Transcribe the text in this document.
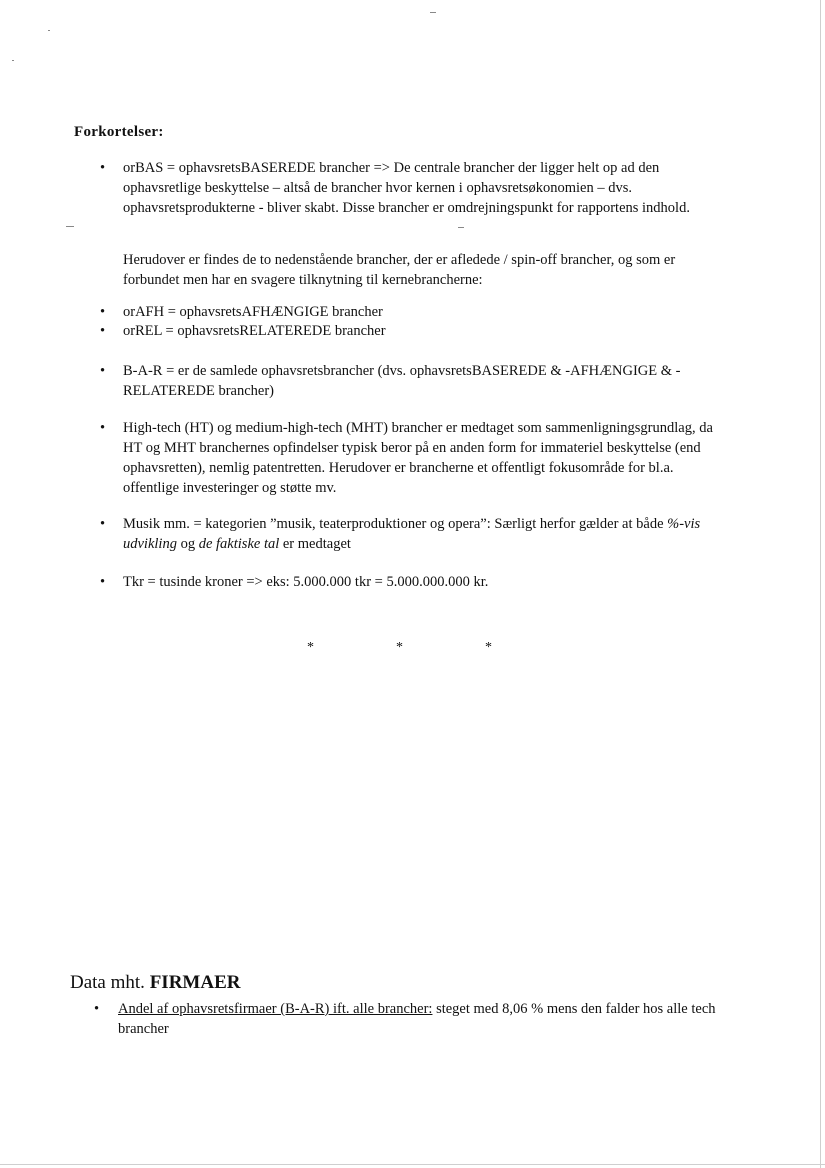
Forkortelser:
• orBAS = ophavsretsBASEREDE brancher => De centrale brancher der ligger helt op ad den ophavsretlige beskyttelse – altså de brancher hvor kernen i ophavsretsøkonomien – dvs. ophavsretsprodukterne - bliver skabt. Disse brancher er omdrejningspunkt for rapportens indhold.
Herudover er findes de to nedenstående brancher, der er afledede / spin-off brancher, og som er forbundet men har en svagere tilknytning til kernebrancherne:
• orAFH = ophavsretsAFHÆNGIGE brancher
• orREL = ophavsretsRELATEREDE brancher
• B-A-R = er de samlede ophavsretsbrancher (dvs. ophavsretsBASEREDE & -AFHÆNGIGE & -RELATEREDE brancher)
• High-tech (HT) og medium-high-tech (MHT) brancher er medtaget som sammenligningsgrundlag, da HT og MHT branchernes opfindelser typisk beror på en anden form for immateriel beskyttelse (end ophavsretten), nemlig patentretten. Herudover er brancherne et offentligt fokusområde for bl.a. offentlige investeringer og støtte mv.
• Musik mm. = kategorien ”musik, teaterproduktioner og opera”: Særligt herfor gælder at både %-vis udvikling og de faktiske tal er medtaget
• Tkr = tusinde kroner => eks: 5.000.000 tkr = 5.000.000.000 kr.
*	*	*
Data mht. FIRMAER
• Andel af ophavsretsfirmaer (B-A-R) ift. alle brancher: steget med 8,06 % mens den falder hos alle tech brancher
